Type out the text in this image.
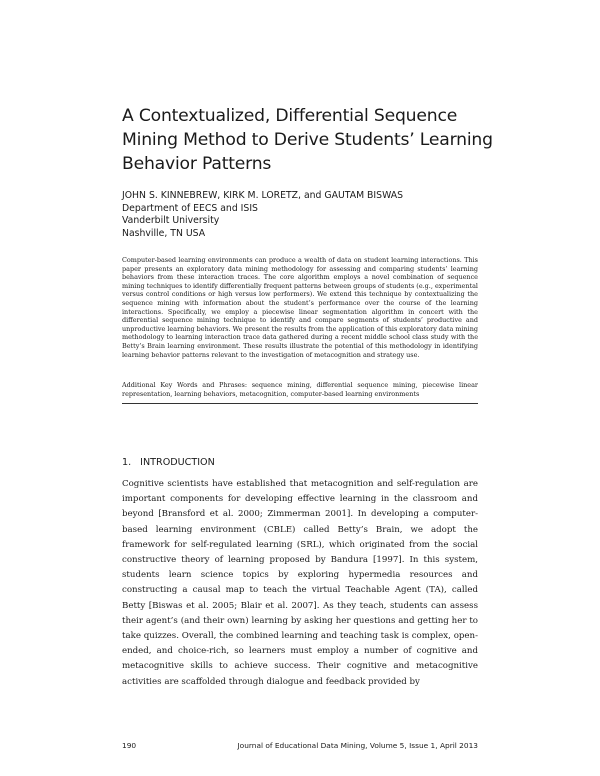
A Contextualized, Differential Sequence Mining Method to Derive Students’ Learning Behavior Patterns
JOHN S. KINNEBREW, KIRK M. LORETZ, and GAUTAM BISWAS
Department of EECS and ISIS
Vanderbilt University
Nashville, TN USA

Computer-based learning environments can produce a wealth of data on student learning interactions. This paper presents an exploratory data mining methodology for assessing and comparing students’ learning behaviors from these interaction traces. The core algorithm employs a novel combination of sequence mining techniques to identify differentially frequent patterns between groups of students (e.g., experimental versus control conditions or high versus low performers). We extend this technique by contextualizing the sequence mining with information about the student’s performance over the course of the learning interactions. Specifically, we employ a piecewise linear segmentation algorithm in concert with the differential sequence mining technique to identify and compare segments of students’ productive and unproductive learning behaviors. We present the results from the application of this exploratory data mining methodology to learning interaction trace data gathered during a recent middle school class study with the Betty’s Brain learning environment. These results illustrate the potential of this methodology in identifying learning behavior patterns relevant to the investigation of metacognition and strategy use.

Additional Key Words and Phrases: sequence mining, differential sequence mining, piecewise linear representation, learning behaviors, metacognition, computer-based learning environments

1. INTRODUCTION

Cognitive scientists have established that metacognition and self-regulation are important components for developing effective learning in the classroom and beyond [Bransford et al. 2000; Zimmerman 2001]. In developing a computer-based learning environment (CBLE) called Betty’s Brain, we adopt the framework for self-regulated learning (SRL), which originated from the social constructive theory of learning proposed by Bandura [1997]. In this system, students learn science topics by exploring hypermedia resources and constructing a causal map to teach the virtual Teachable Agent (TA), called Betty [Biswas et al. 2005; Blair et al. 2007]. As they teach, students can assess their agent’s (and their own) learning by asking her questions and getting her to take quizzes. Overall, the combined learning and teaching task is complex, open-ended, and choice-rich, so learners must employ a number of cognitive and metacognitive skills to achieve success. Their cognitive and metacognitive activities are scaffolded through dialogue and feedback provided by

190	Journal of Educational Data Mining, Volume 5, Issue 1, April 2013
